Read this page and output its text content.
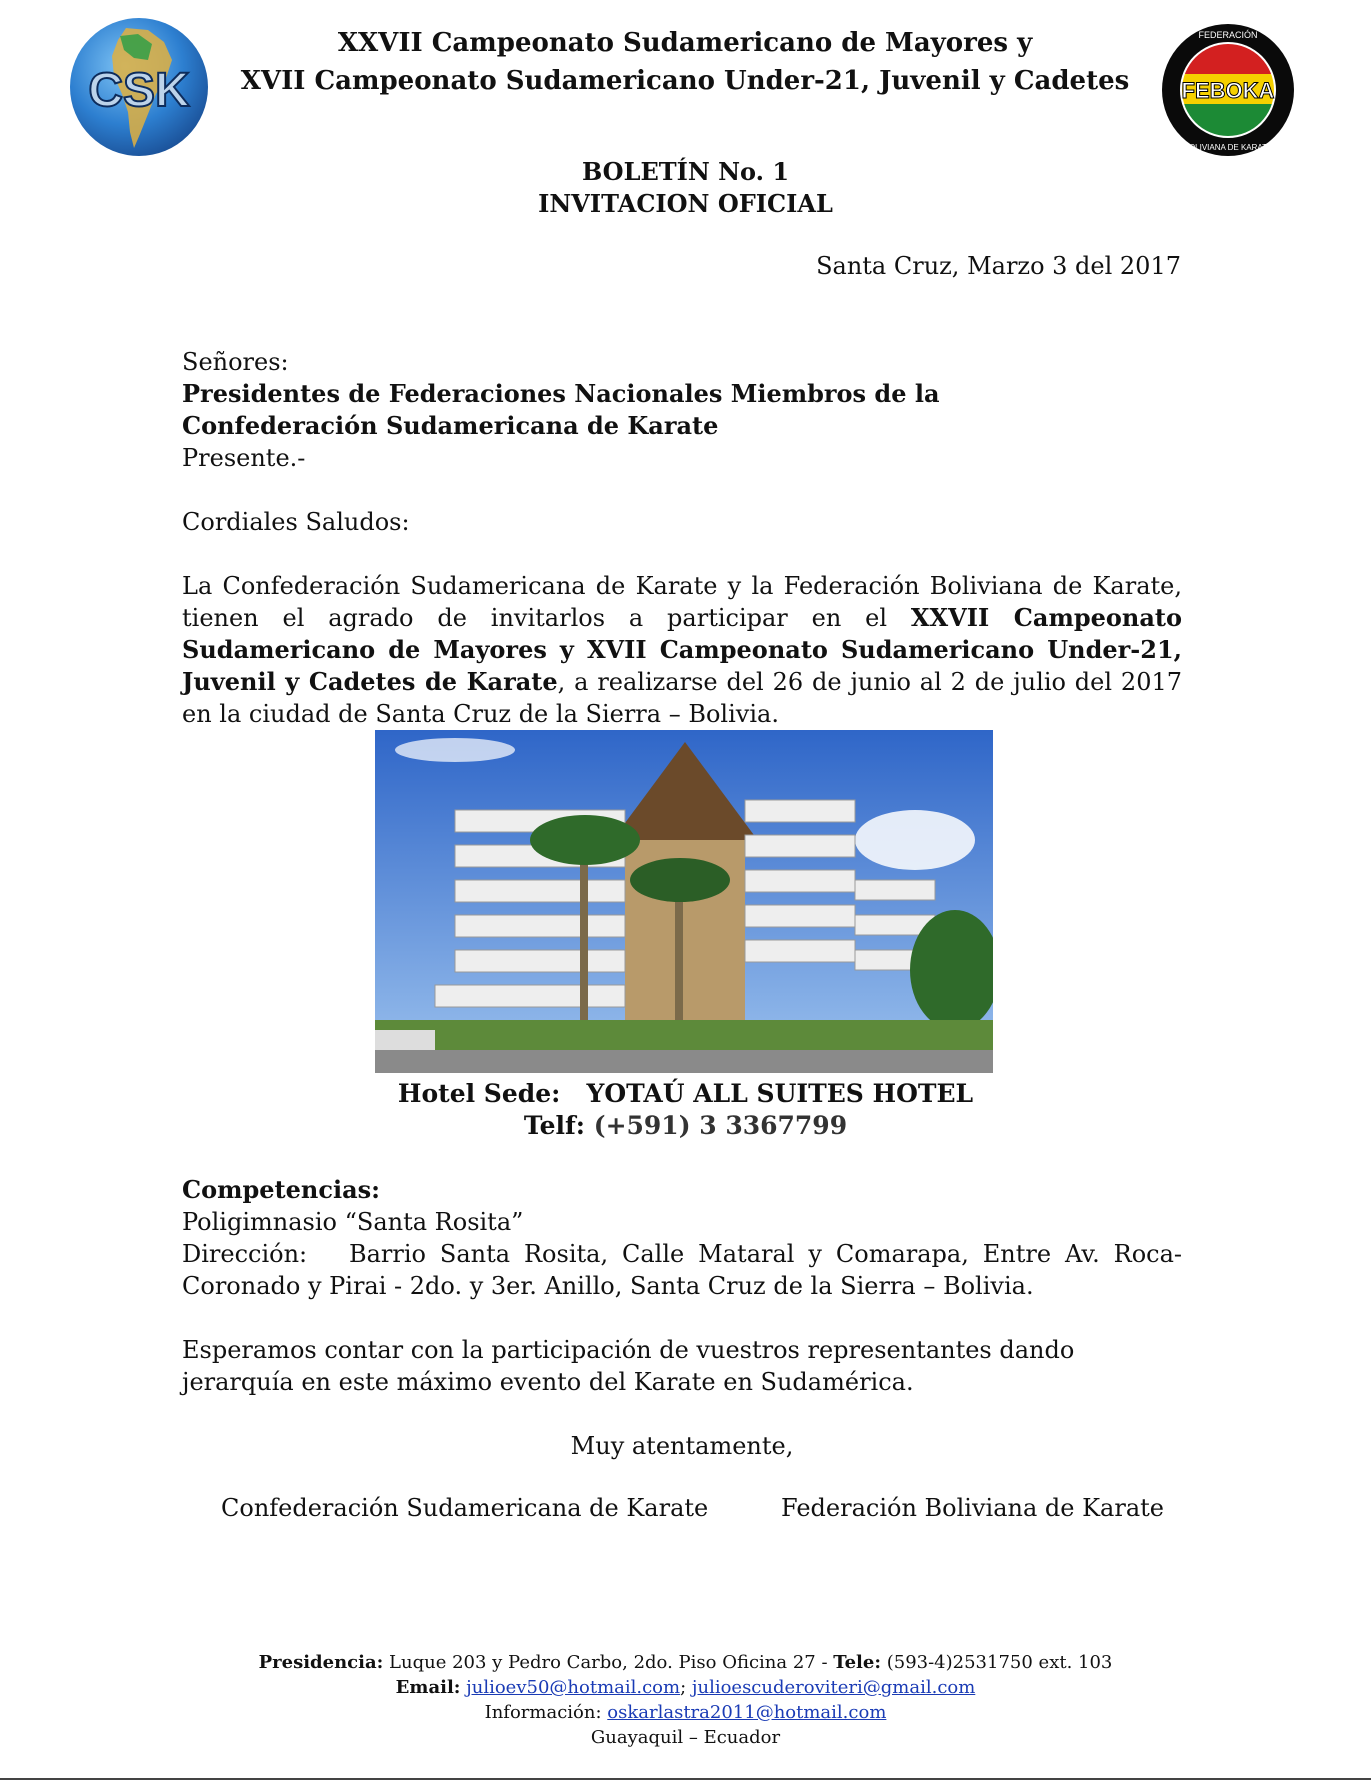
CSK	FEBOKA
FEDERACIÓN
BOLIVIANA DE KARATE
XXVII Campeonato Sudamericano de Mayores y
XVII Campeonato Sudamericano Under-21, Juvenil y Cadetes
BOLETÍN No. 1
INVITACION OFICIAL
Santa Cruz, Marzo 3 del 2017
Señores:
Presidentes de Federaciones Nacionales Miembros de la
Confederación Sudamericana de Karate
Presente.-
Cordiales Saludos:
La Confederación Sudamericana de Karate y la Federación Boliviana de Karate, tienen el agrado de invitarlos a participar en el XXVII Campeonato Sudamericano de Mayores y XVII Campeonato Sudamericano Under-21, Juvenil y Cadetes de Karate, a realizarse del 26 de junio al 2 de julio del 2017 en la ciudad de Santa Cruz de la Sierra – Bolivia.
Hotel Sede: YOTAÚ ALL SUITES HOTEL
Telf: (+591) 3 3367799
Competencias:
Poligimnasio “Santa Rosita”
Dirección: Barrio Santa Rosita, Calle Mataral y Comarapa, Entre Av. Roca-Coronado y Pirai - 2do. y 3er. Anillo, Santa Cruz de la Sierra – Bolivia.
Esperamos contar con la participación de vuestros representantes dando jerarquía en este máximo evento del Karate en Sudamérica.
Muy atentamente,
Confederación Sudamericana de Karate	Federación Boliviana de Karate
Presidencia: Luque 203 y Pedro Carbo, 2do. Piso Oficina 27 - Tele: (593-4)2531750 ext. 103
Email: julioev50@hotmail.com; julioescuderoviteri@gmail.com
Información: oskarlastra2011@hotmail.com
Guayaquil – Ecuador
